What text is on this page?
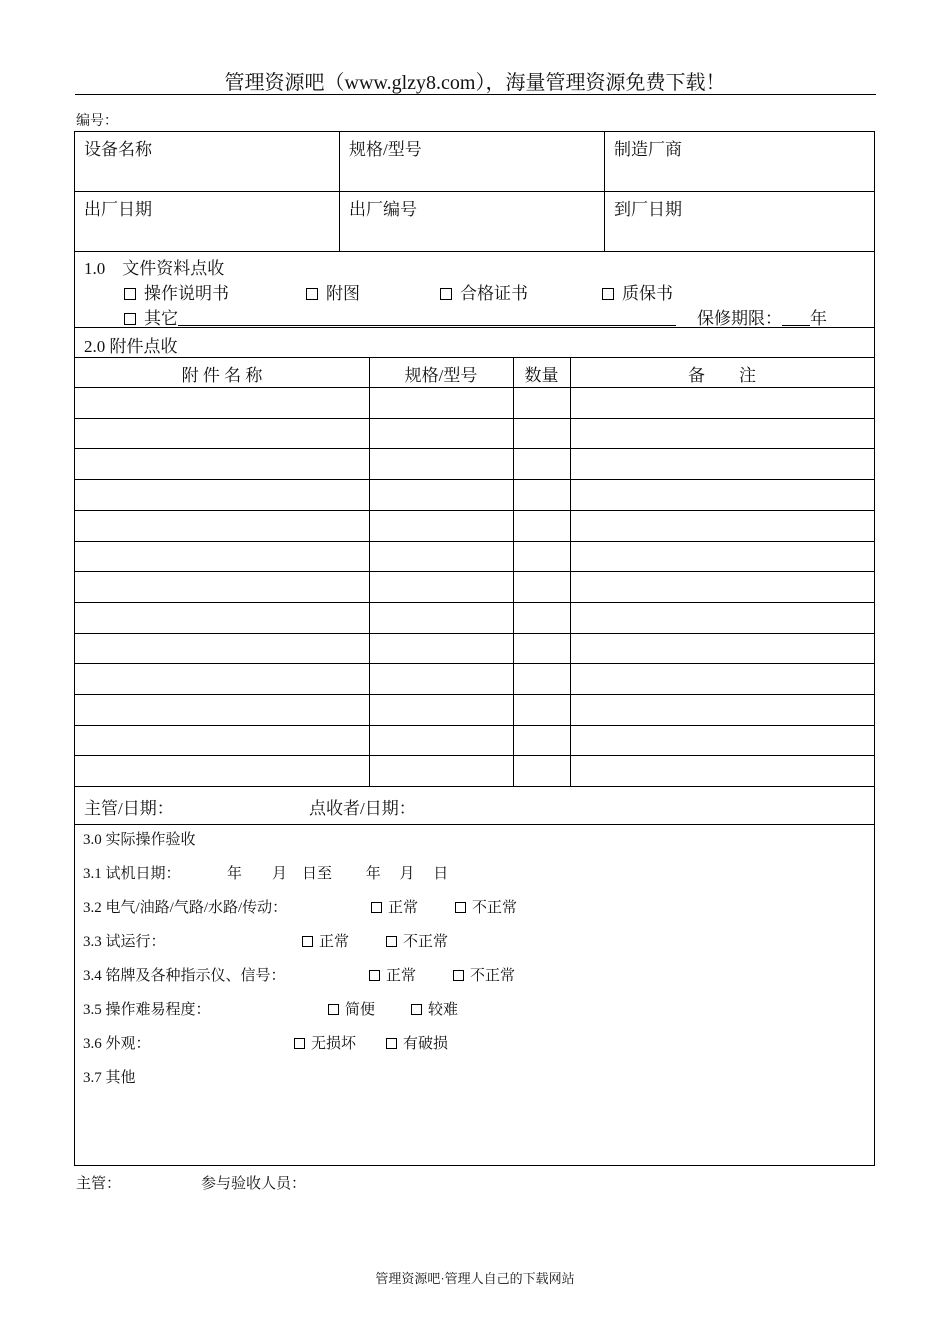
管理资源吧（www.glzy8.com），海量管理资源免费下载！
编号：
设备名称	规格/型号	制造厂商
出厂日期	出厂编号	到厂日期
1.0　文件资料点收
操作说明书	附图	合格证书	质保书
其它	保修期限： 年
2.0 附件点收
附 件 名 称	规格/型号	数量	备　　注
主管/日期：	点收者/日期：
3.0 实际操作验收
3.1 试机日期：	年　　月　日至　　 年　 月　 日
3.2 电气/油路/气路/水路/传动：	正常	不正常
3.3 试运行：	正常	不正常
3.4 铭牌及各种指示仪、信号：	正常	不正常
3.5 操作难易程度：	简便	较难
3.6 外观：	无损坏	有破损
3.7 其他
主管：	参与验收人员：
管理资源吧·管理人自己的下载网站
